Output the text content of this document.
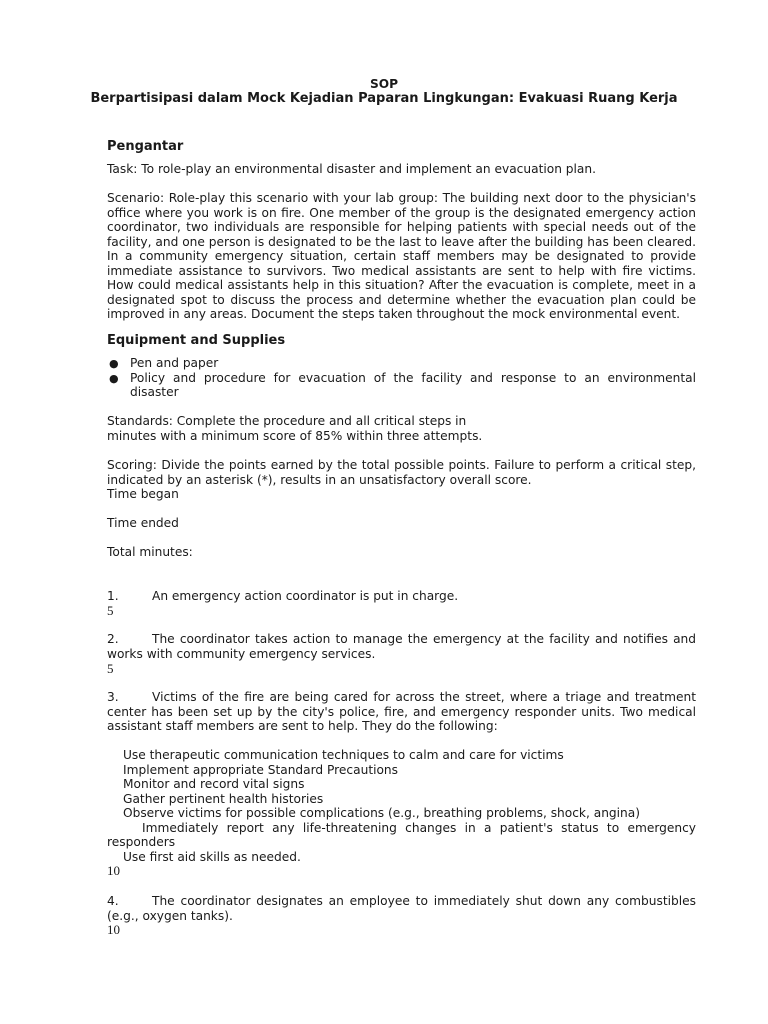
SOP
Berpartisipasi dalam Mock Kejadian Paparan Lingkungan: Evakuasi Ruang Kerja
Pengantar
Task: To role-play an environmental disaster and implement an evacuation plan.
Scenario: Role-play this scenario with your lab group: The building next door to the physician's
office where you work is on fire. One member of the group is the designated emergency action
coordinator, two individuals are responsible for helping patients with special needs out of the
facility, and one person is designated to be the last to leave after the building has been cleared.
In a community emergency situation, certain staff members may be designated to provide
immediate assistance to survivors. Two medical assistants are sent to help with fire victims.
How could medical assistants help in this situation? After the evacuation is complete, meet in a
designated spot to discuss the process and determine whether the evacuation plan could be
improved in any areas. Document the steps taken throughout the mock environmental event.
Equipment and Supplies
● Pen and paper
● Policy and procedure for evacuation of the facility and response to an environmental
disaster
Standards: Complete the procedure and all critical steps in
minutes with a minimum score of 85% within three attempts.
Scoring: Divide the points earned by the total possible points. Failure to perform a critical step,
indicated by an asterisk (*), results in an unsatisfactory overall score.
Time began
Time ended
Total minutes:
1.	An emergency action coordinator is put in charge.
5
2.	The coordinator takes action to manage the emergency at the facility and notifies and
works with community emergency services.
5
3.	Victims of the fire are being cared for across the street, where a triage and treatment
center has been set up by the city's police, fire, and emergency responder units. Two medical
assistant staff members are sent to help. They do the following:
Use therapeutic communication techniques to calm and care for victims
Implement appropriate Standard Precautions
Monitor and record vital signs
Gather pertinent health histories
Observe victims for possible complications (e.g., breathing problems, shock, angina)
Immediately report any life-threatening changes in a patient's status to emergency
responders
Use first aid skills as needed.
10
4.	The coordinator designates an employee to immediately shut down any combustibles
(e.g., oxygen tanks).
10
